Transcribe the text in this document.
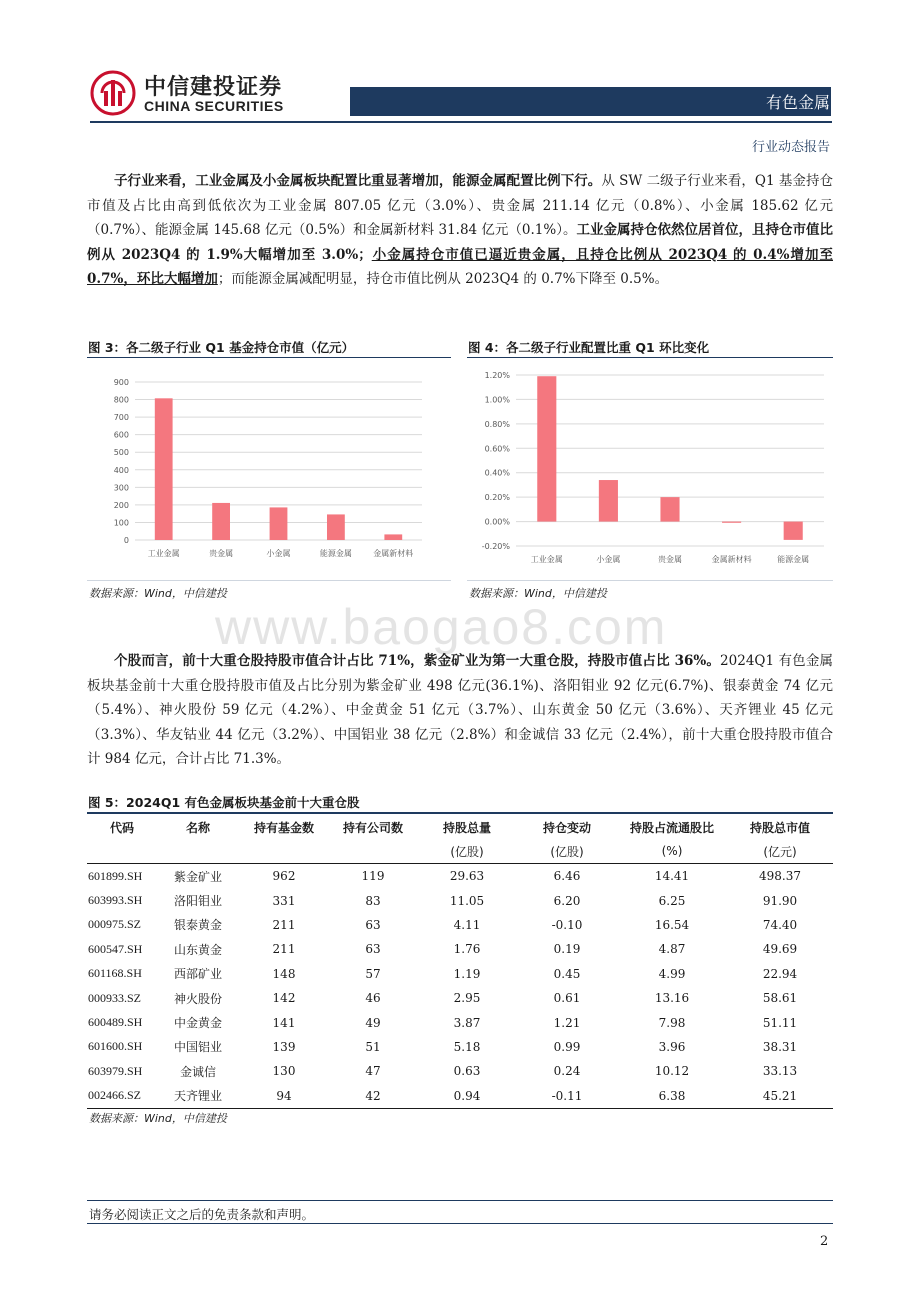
中信建投证券
CHINA SECURITIES	有色金属
行业动态报告
子行业来看，工业金属及小金属板块配置比重显著增加，能源金属配置比例下行。从 SW 二级子行业来看，Q1 基金持仓市值及占比由高到低依次为工业金属 807.05 亿元（3.0%）、贵金属 211.14 亿元（0.8%）、小金属 185.62 亿元（0.7%）、能源金属 145.68 亿元（0.5%）和金属新材料 31.84 亿元（0.1%）。工业金属持仓依然位居首位，且持仓市值比例从 2023Q4 的 1.9%大幅增加至 3.0%；小金属持仓市值已逼近贵金属，且持仓比例从 2023Q4 的 0.4%增加至 0.7%，环比大幅增加；而能源金属减配明显，持仓市值比例从 2023Q4 的 0.7%下降至 0.5%。
图 3：各二级子行业 Q1 基金持仓市值（亿元）	图 4：各二级子行业配置比重 Q1 环比变化
900
800
700
600
500
400
300
200
100
0
工业金属	贵金属	小金属	能源金属	金属新材料
1.20%
1.00%
0.80%
0.60%
0.40%
0.20%
0.00%
-0.20%
工业金属	小金属	贵金属	金属新材料	能源金属
数据来源：Wind，中信建投	数据来源：Wind，中信建投
www.baogao8.com
个股而言，前十大重仓股持股市值合计占比 71%，紫金矿业为第一大重仓股，持股市值占比 36%。2024Q1 有色金属板块基金前十大重仓股持股市值及占比分别为紫金矿业 498 亿元(36.1%)、洛阳钼业 92 亿元(6.7%)、银泰黄金 74 亿元（5.4%）、神火股份 59 亿元（4.2%）、中金黄金 51 亿元（3.7%）、山东黄金 50 亿元（3.6%）、天齐锂业 45 亿元（3.3%）、华友钴业 44 亿元（3.2%）、中国铝业 38 亿元（2.8%）和金诚信 33 亿元（2.4%），前十大重仓股持股市值合计 984 亿元，合计占比 71.3%。
图 5：2024Q1 有色金属板块基金前十大重仓股
代码	名称	持有基金数	持有公司数	持股总量	持仓变动	持股占流通股比	持股总市值
				(亿股)	(亿股)	(%)	(亿元)
601899.SH	紫金矿业	962	119	29.63	6.46	14.41	498.37
603993.SH	洛阳钼业	331	83	11.05	6.20	6.25	91.90
000975.SZ	银泰黄金	211	63	4.11	-0.10	16.54	74.40
600547.SH	山东黄金	211	63	1.76	0.19	4.87	49.69
601168.SH	西部矿业	148	57	1.19	0.45	4.99	22.94
000933.SZ	神火股份	142	46	2.95	0.61	13.16	58.61
600489.SH	中金黄金	141	49	3.87	1.21	7.98	51.11
601600.SH	中国铝业	139	51	5.18	0.99	3.96	38.31
603979.SH	金诚信	130	47	0.63	0.24	10.12	33.13
002466.SZ	天齐锂业	94	42	0.94	-0.11	6.38	45.21
数据来源：Wind，中信建投
请务必阅读正文之后的免责条款和声明。
2
